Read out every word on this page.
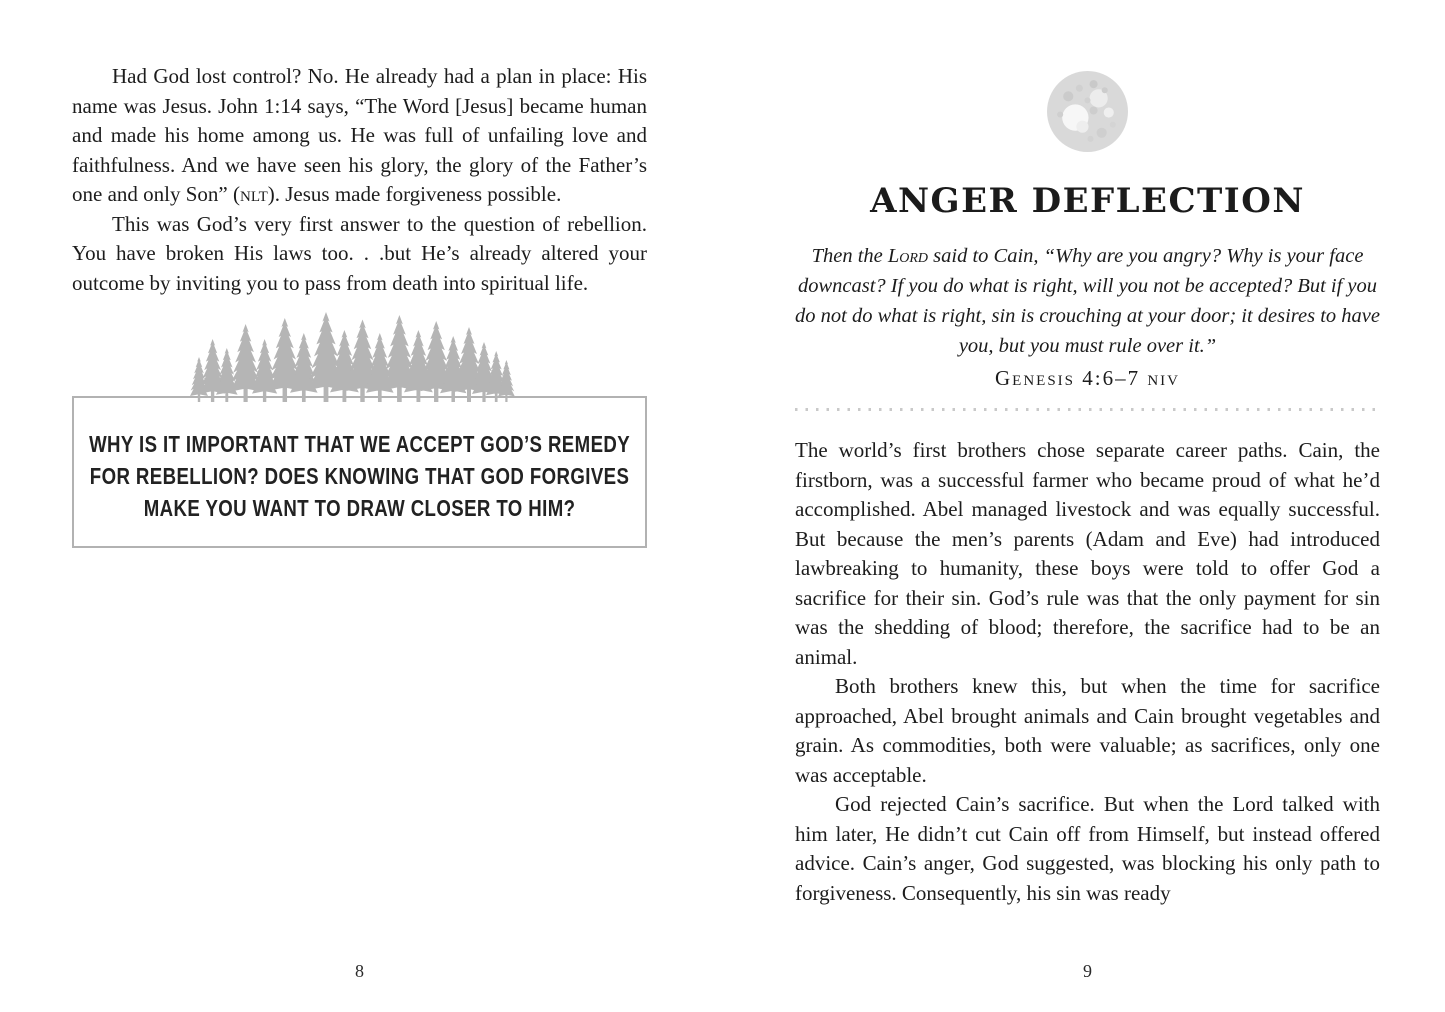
Had God lost control? No. He already had a plan in place: His name was Jesus. John 1:14 says, “The Word [Jesus] became human and made his home among us. He was full of unfailing love and faithfulness. And we have seen his glory, the glory of the Father’s one and only Son” (nlt). Jesus made forgiveness possible.

This was God’s very first answer to the question of rebellion. You have broken His laws too. . .but He’s already altered your outcome by inviting you to pass from death into spiritual life.

WHY IS IT IMPORTANT THAT WE ACCEPT GOD’S REMEDY FOR REBELLION? DOES KNOWING THAT GOD FORGIVES MAKE YOU WANT TO DRAW CLOSER TO HIM?

8
ANGER DEFLECTION

Then the Lord said to Cain, “Why are you angry? Why is your face downcast? If you do what is right, will you not be accepted? But if you do not do what is right, sin is crouching at your door; it desires to have you, but you must rule over it.”

Genesis 4:6–7 niv

The world’s first brothers chose separate career paths. Cain, the firstborn, was a successful farmer who became proud of what he’d accomplished. Abel managed livestock and was equally successful. But because the men’s parents (Adam and Eve) had introduced lawbreaking to humanity, these boys were told to offer God a sacrifice for their sin. God’s rule was that the only payment for sin was the shedding of blood; therefore, the sacrifice had to be an animal.

Both brothers knew this, but when the time for sacrifice approached, Abel brought animals and Cain brought vegetables and grain. As commodities, both were valuable; as sacrifices, only one was acceptable.

God rejected Cain’s sacrifice. But when the Lord talked with him later, He didn’t cut Cain off from Himself, but instead offered advice. Cain’s anger, God suggested, was blocking his only path to forgiveness. Consequently, his sin was ready

9
